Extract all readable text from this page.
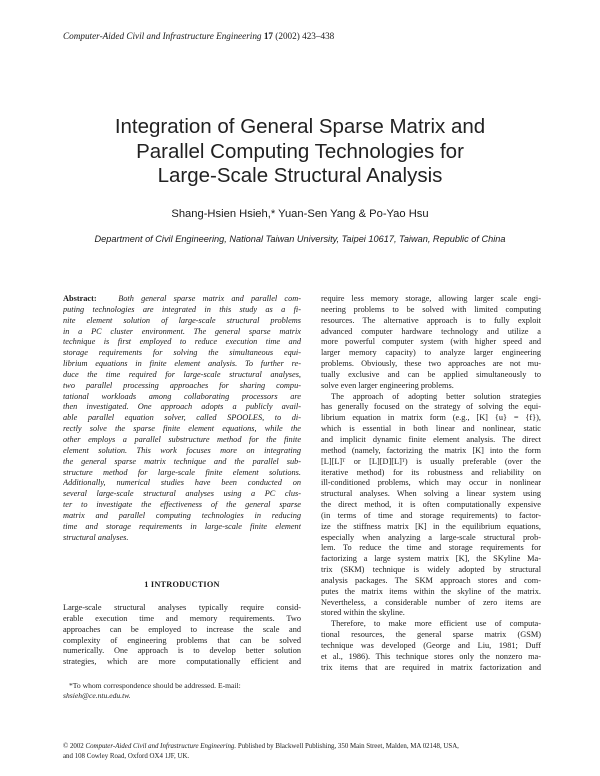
Computer-Aided Civil and Infrastructure Engineering 17 (2002) 423–438
Integration of General Sparse Matrix and
Parallel Computing Technologies for
Large-Scale Structural Analysis
Shang-Hsien Hsieh,* Yuan-Sen Yang & Po-Yao Hsu
Department of Civil Engineering, National Taiwan University, Taipei 10617, Taiwan, Republic of China
Abstract:	Both general sparse matrix and parallel com-
puting technologies are integrated in this study as a fi-
nite element solution of large-scale structural problems
in a PC cluster environment. The general sparse matrix
technique is first employed to reduce execution time and
storage requirements for solving the simultaneous equi-
librium equations in finite element analysis. To further re-
duce the time required for large-scale structural analyses,
two parallel processing approaches for sharing compu-
tational workloads among collaborating processors are
then investigated. One approach adopts a publicly avail-
able parallel equation solver, called SPOOLES, to di-
rectly solve the sparse finite element equations, while the
other employs a parallel substructure method for the finite
element solution. This work focuses more on integrating
the general sparse matrix technique and the parallel sub-
structure method for large-scale finite element solutions.
Additionally, numerical studies have been conducted on
several large-scale structural analyses using a PC clus-
ter to investigate the effectiveness of the general sparse
matrix and parallel computing technologies in reducing
time and storage requirements in large-scale finite element
structural analyses.
1 INTRODUCTION
Large-scale structural analyses typically require consid-
erable execution time and memory requirements. Two
approaches can be employed to increase the scale and
complexity of engineering problems that can be solved
numerically. One approach is to develop better solution
strategies, which are more computationally efficient and
*To whom correspondence should be addressed. E-mail:
shsieh@ce.ntu.edu.tw.
require less memory storage, allowing larger scale engi-
neering problems to be solved with limited computing
resources. The alternative approach is to fully exploit
advanced computer hardware technology and utilize a
more powerful computer system (with higher speed and
larger memory capacity) to analyze larger engineering
problems. Obviously, these two approaches are not mu-
tually exclusive and can be applied simultaneously to
solve even larger engineering problems.
The approach of adopting better solution strategies
has generally focused on the strategy of solving the equi-
librium equation in matrix form (e.g., [K] {u} = {f}),
which is essential in both linear and nonlinear, static
and implicit dynamic finite element analysis. The direct
method (namely, factorizing the matrix [K] into the form
[L][L]ᵀ or [L][D][L]ᵀ) is usually preferable (over the
iterative method) for its robustness and reliability on
ill-conditioned problems, which may occur in nonlinear
structural analyses. When solving a linear system using
the direct method, it is often computationally expensive
(in terms of time and storage requirements) to factor-
ize the stiffness matrix [K] in the equilibrium equations,
especially when analyzing a large-scale structural prob-
lem. To reduce the time and storage requirements for
factorizing a large system matrix [K], the SKyline Ma-
trix (SKM) technique is widely adopted by structural
analysis packages. The SKM approach stores and com-
putes the matrix items within the skyline of the matrix.
Nevertheless, a considerable number of zero items are
stored within the skyline.
Therefore, to make more efficient use of computa-
tional resources, the general sparse matrix (GSM)
technique was developed (George and Liu, 1981; Duff
et al., 1986). This technique stores only the nonzero ma-
trix items that are required in matrix factorization and
© 2002 Computer-Aided Civil and Infrastructure Engineering. Published by Blackwell Publishing, 350 Main Street, Malden, MA 02148, USA,
and 108 Cowley Road, Oxford OX4 1JF, UK.
